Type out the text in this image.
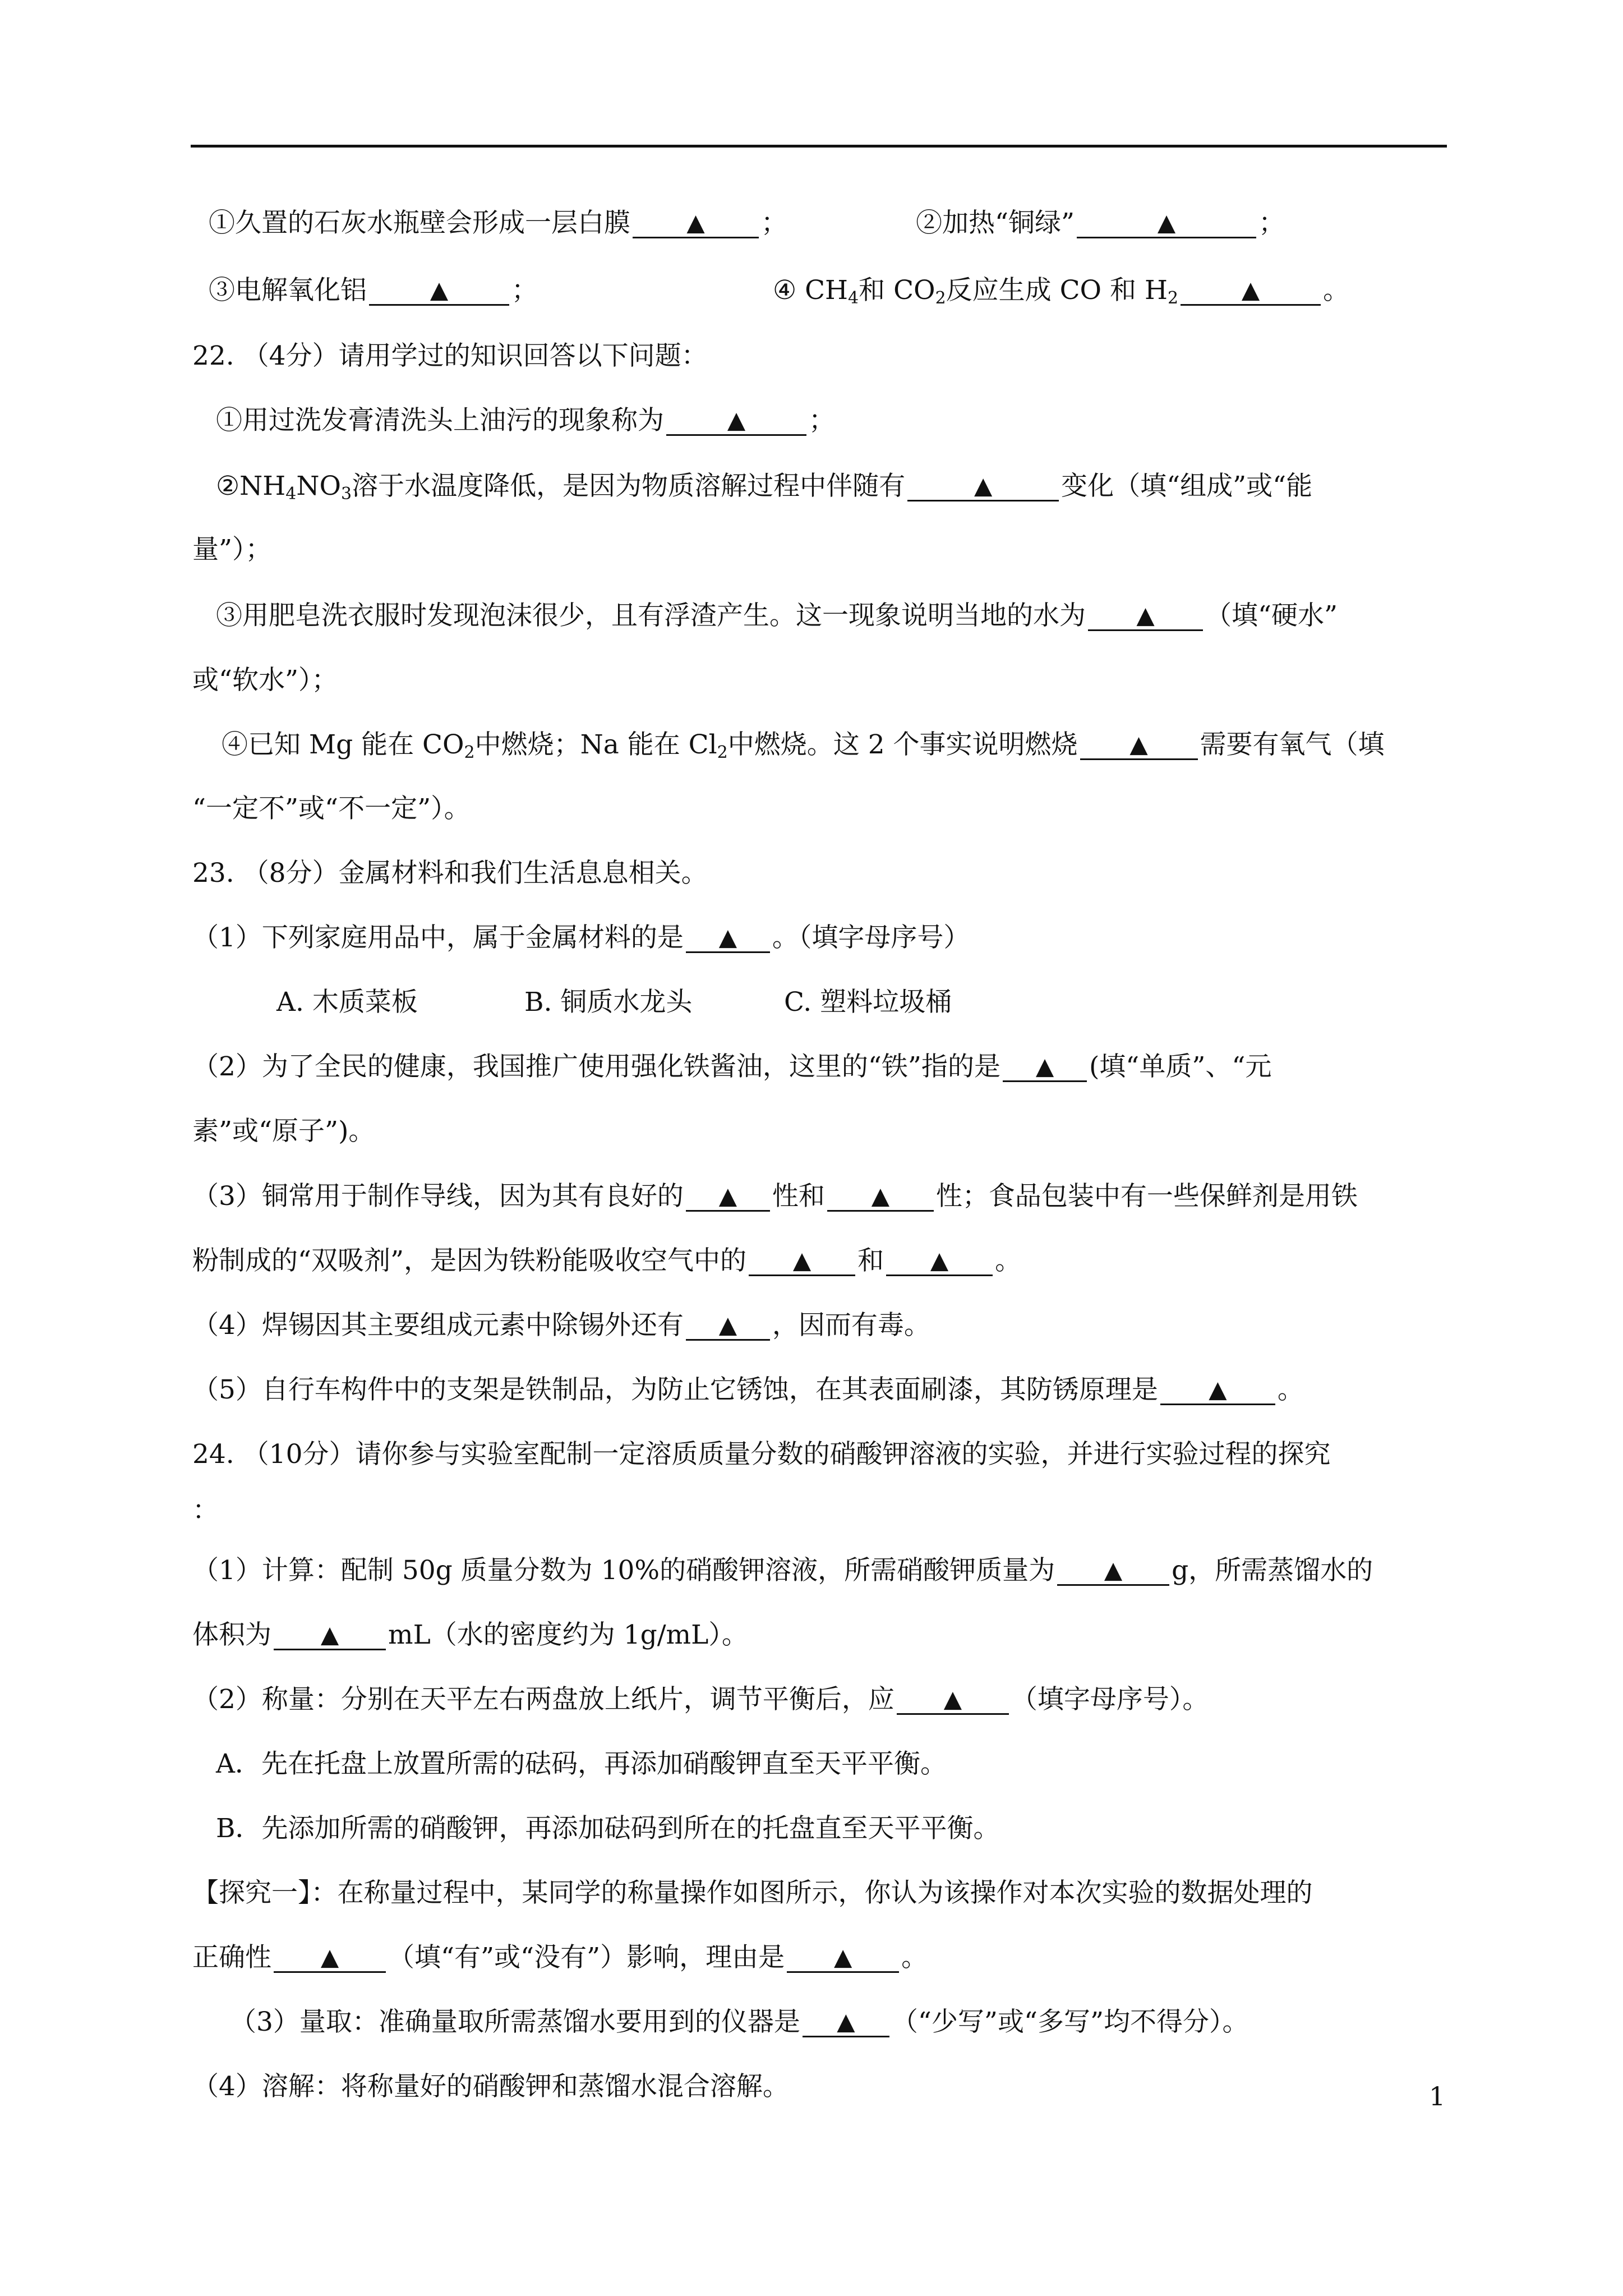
①久置的石灰水瓶壁会形成一层白膜 ▲ ；	②加热“铜绿”	▲	；
③电解氧化铝	▲ ；	④ $CH_4$和 $CO_2$反应生成 CO 和 $H_2$	▲ 。
22. （4分）请用学过的知识回答以下问题：
①用过洗发膏清洗头上油污的现象称为	▲ ；
$②NH_4NO_3$溶于水温度降低，是因为物质溶解过程中伴随有	▲	变化（填“组成”或“能
量”）；
③用肥皂洗衣服时发现泡沫很少，且有浮渣产生。这一现象说明当地的水为 ▲ （填“硬水”
或“软水”）；
④已知 Mg 能在 $CO_2$中燃烧；Na 能在 $Cl_2$中燃烧。这 2 个事实说明燃烧 ▲ 需要有氧气（填
“一定不”或“不一定”）。
23. （8分）金属材料和我们生活息息相关。
（1）下列家庭用品中，属于金属材料的是 ▲ 。（填字母序号）
A. 木质菜板	B. 铜质水龙头	C. 塑料垃圾桶
（2）为了全民的健康，我国推广使用强化铁酱油，这里的“铁”指的是 ▲ (填“单质”、“元
素”或“原子”)。
（3）铜常用于制作导线，因为其有良好的 ▲ 性和 ▲ 性；食品包装中有一些保鲜剂是用铁
粉制成的“双吸剂”，是因为铁粉能吸收空气中的 ▲ 和 ▲ 。
（4）焊锡因其主要组成元素中除锡外还有 ▲ ，因而有毒。
（5）自行车构件中的支架是铁制品，为防止它锈蚀，在其表面刷漆，其防锈原理是 ▲ 。
24. （10分）请你参与实验室配制一定溶质质量分数的硝酸钾溶液的实验，并进行实验过程的探究
：
（1）计算：配制 50g 质量分数为 10%的硝酸钾溶液，所需硝酸钾质量为 ▲ g，所需蒸馏水的
体积为 ▲ mL（水的密度约为 1g/mL）。
（2）称量：分别在天平左右两盘放上纸片，调节平衡后，应 ▲ （填字母序号）。
A．先在托盘上放置所需的砝码，再添加硝酸钾直至天平平衡。
B．先添加所需的硝酸钾，再添加砝码到所在的托盘直至天平平衡。
【探究一】：在称量过程中，某同学的称量操作如图所示，你认为该操作对本次实验的数据处理的
正确性 ▲ （填“有”或“没有”）影响，理由是 ▲ 。
（3）量取：准确量取所需蒸馏水要用到的仪器是 ▲ （“少写”或“多写”均不得分）。
（4）溶解：将称量好的硝酸钾和蒸馏水混合溶解。	1
